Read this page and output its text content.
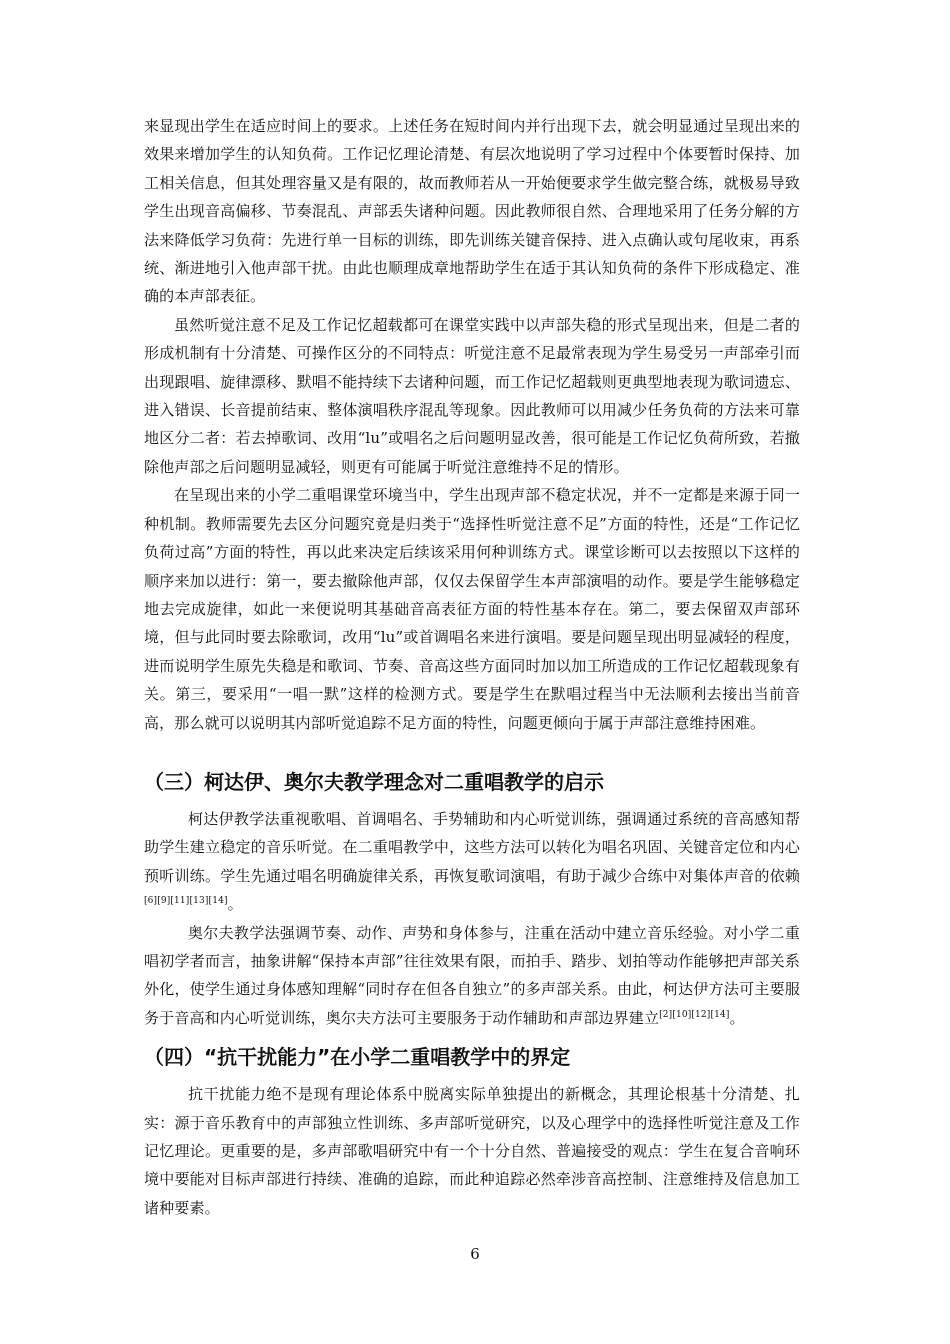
来显现出学生在适应时间上的要求。上述任务在短时间内并行出现下去，就会明显通过呈现出来的效果来增加学生的认知负荷。工作记忆理论清楚、有层次地说明了学习过程中个体要暂时保持、加工相关信息，但其处理容量又是有限的，故而教师若从一开始便要求学生做完整合练，就极易导致学生出现音高偏移、节奏混乱、声部丢失诸种问题。因此教师很自然、合理地采用了任务分解的方法来降低学习负荷：先进行单一目标的训练，即先训练关键音保持、进入点确认或句尾收束，再系统、渐进地引入他声部干扰。由此也顺理成章地帮助学生在适于其认知负荷的条件下形成稳定、准确的本声部表征。

虽然听觉注意不足及工作记忆超载都可在课堂实践中以声部失稳的形式呈现出来，但是二者的形成机制有十分清楚、可操作区分的不同特点：听觉注意不足最常表现为学生易受另一声部牵引而出现跟唱、旋律漂移、默唱不能持续下去诸种问题，而工作记忆超载则更典型地表现为歌词遗忘、进入错误、长音提前结束、整体演唱秩序混乱等现象。因此教师可以用减少任务负荷的方法来可靠地区分二者：若去掉歌词、改用“lu”或唱名之后问题明显改善，很可能是工作记忆负荷所致，若撤除他声部之后问题明显减轻，则更有可能属于听觉注意维持不足的情形。

在呈现出来的小学二重唱课堂环境当中，学生出现声部不稳定状况，并不一定都是来源于同一种机制。教师需要先去区分问题究竟是归类于“选择性听觉注意不足”方面的特性，还是“工作记忆负荷过高”方面的特性，再以此来决定后续该采用何种训练方式。课堂诊断可以去按照以下这样的顺序来加以进行：第一，要去撤除他声部，仅仅去保留学生本声部演唱的动作。要是学生能够稳定地去完成旋律，如此一来便说明其基础音高表征方面的特性基本存在。第二，要去保留双声部环境，但与此同时要去除歌词，改用“lu”或首调唱名来进行演唱。要是问题呈现出明显减轻的程度，进而说明学生原先失稳是和歌词、节奏、音高这些方面同时加以加工所造成的工作记忆超载现象有关。第三，要采用“一唱一默”这样的检测方式。要是学生在默唱过程当中无法顺利去接出当前音高，那么就可以说明其内部听觉追踪不足方面的特性，问题更倾向于属于声部注意维持困难。

（三）柯达伊、奥尔夫教学理念对二重唱教学的启示

柯达伊教学法重视歌唱、首调唱名、手势辅助和内心听觉训练，强调通过系统的音高感知帮助学生建立稳定的音乐听觉。在二重唱教学中，这些方法可以转化为唱名巩固、关键音定位和内心预听训练。学生先通过唱名明确旋律关系，再恢复歌词演唱，有助于减少合练中对集体声音的依赖[6][9][11][13][14]。

奥尔夫教学法强调节奏、动作、声势和身体参与，注重在活动中建立音乐经验。对小学二重唱初学者而言，抽象讲解“保持本声部”往往效果有限，而拍手、踏步、划拍等动作能够把声部关系外化，使学生通过身体感知理解“同时存在但各自独立”的多声部关系。由此，柯达伊方法可主要服务于音高和内心听觉训练，奥尔夫方法可主要服务于动作辅助和声部边界建立[2][10][12][14]。

（四）“抗干扰能力”在小学二重唱教学中的界定

抗干扰能力绝不是现有理论体系中脱离实际单独提出的新概念，其理论根基十分清楚、扎实：源于音乐教育中的声部独立性训练、多声部听觉研究，以及心理学中的选择性听觉注意及工作记忆理论。更重要的是，多声部歌唱研究中有一个十分自然、普遍接受的观点：学生在复合音响环境中要能对目标声部进行持续、准确的追踪，而此种追踪必然牵涉音高控制、注意维持及信息加工诸种要素。

6
